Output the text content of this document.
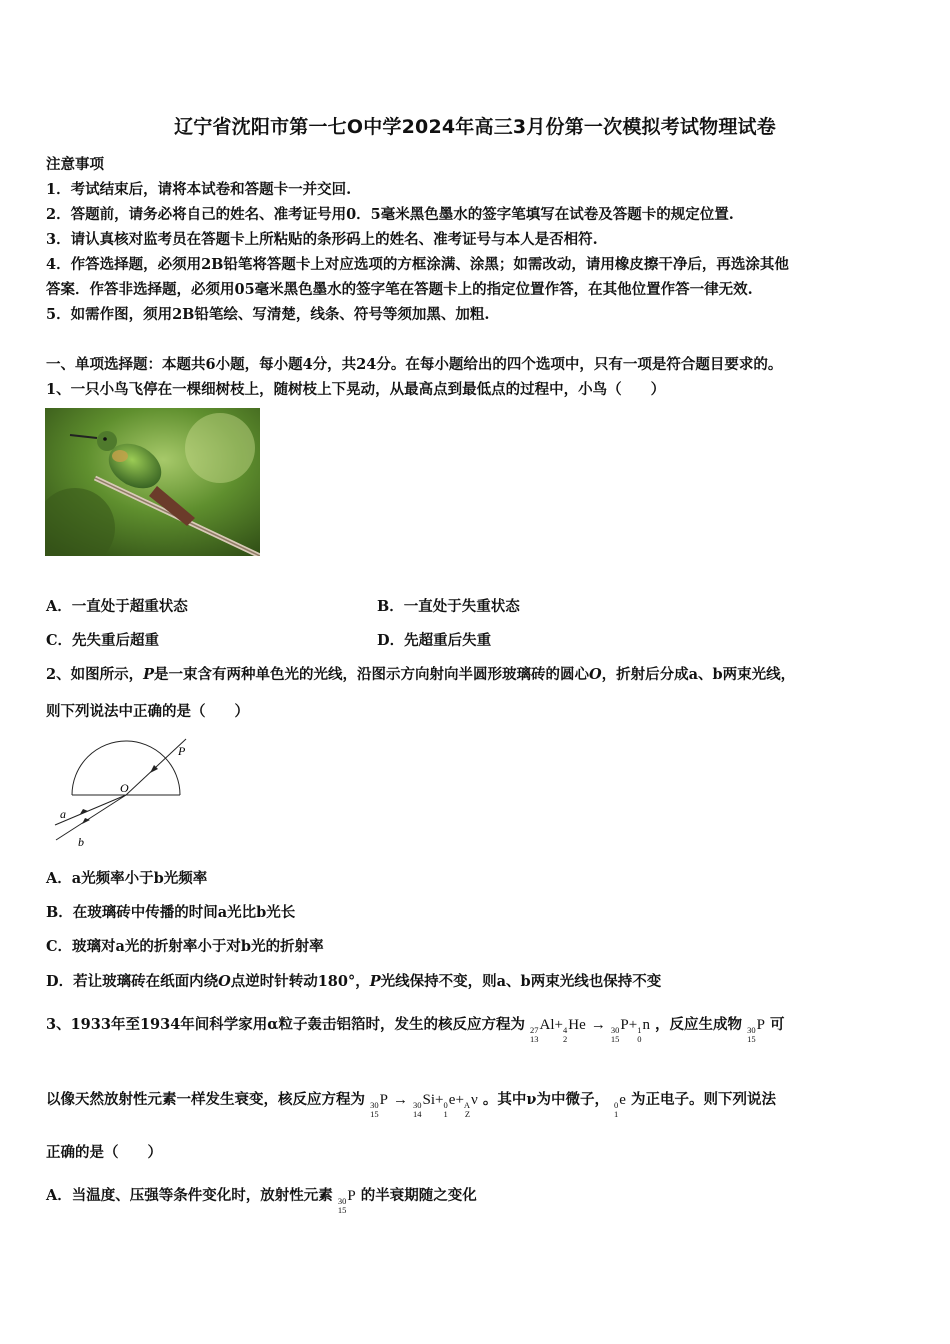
辽宁省沈阳市第一七O中学2024年高三3月份第一次模拟考试物理试卷
注意事项
1．考试结束后，请将本试卷和答题卡一并交回.
2．答题前，请务必将自己的姓名、准考证号用0．5毫米黑色墨水的签字笔填写在试卷及答题卡的规定位置.
3．请认真核对监考员在答题卡上所粘贴的条形码上的姓名、准考证号与本人是否相符.
4．作答选择题，必须用2B铅笔将答题卡上对应选项的方框涂满、涂黑；如需改动，请用橡皮擦干净后，再选涂其他
答案．作答非选择题，必须用05毫米黑色墨水的签字笔在答题卡上的指定位置作答，在其他位置作答一律无效.
5．如需作图，须用2B铅笔绘、写清楚，线条、符号等须加黑、加粗.
一、单项选择题：本题共6小题，每小题4分，共24分。在每小题给出的四个选项中，只有一项是符合题目要求的。
1、一只小鸟飞停在一棵细树枝上，随树枝上下晃动，从最高点到最低点的过程中，小鸟（　　）
A．一直处于超重状态	B．一直处于失重状态
C．先失重后超重	D．先超重后失重
2、如图所示，P是一束含有两种单色光的光线，沿图示方向射向半圆形玻璃砖的圆心O，折射后分成a、b两束光线，
则下列说法中正确的是（　　）
P
O
a
b
A．a光频率小于b光频率
B．在玻璃砖中传播的时间a光比b光长
C．玻璃对a光的折射率小于对b光的折射率
D．若让玻璃砖在纸面内绕O点逆时针转动180°，P光线保持不变，则a、b两束光线也保持不变
3、1933年至1934年间科学家用α粒子轰击铝箔时，发生的核反应方程为 27
13
Al+ 4
2
He → 30
15
P+ 1
0
n ，反应生成物 30
15
P 可
以像天然放射性元素一样发生衰变，核反应方程为 30
15
P → 30
14
Si+ 0
1
e+ A
Z
ν 。其中ν为中微子， 0
1
e 为正电子。则下列说法
正确的是（　　）
A．当温度、压强等条件变化时，放射性元素 30
15
P 的半衰期随之变化
